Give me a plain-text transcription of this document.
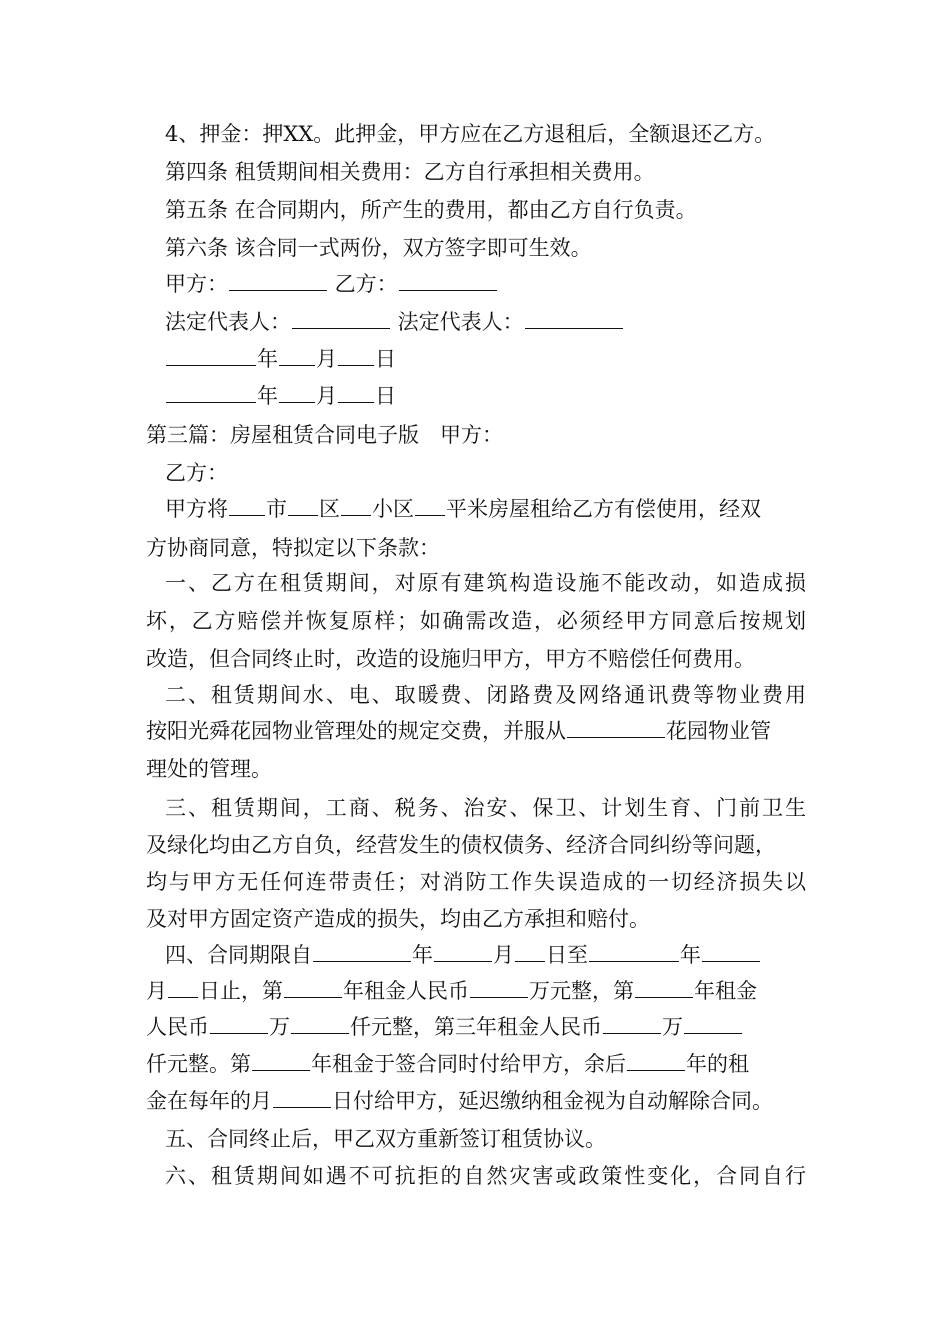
4、押金：押XX。此押金，甲方应在乙方退租后，全额退还乙方。
第四条 租赁期间相关费用：乙方自行承担相关费用。
第五条 在合同期内，所产生的费用，都由乙方自行负责。
第六条 该合同一式两份，双方签字即可生效。
甲方：	乙方：
法定代表人：	法定代表人：
年 月 日
年 月 日
第三篇：房屋租赁合同电子版　甲方：
乙方：
甲方将 市 区 小区 平米房屋租给乙方有偿使用，经双
方协商同意，特拟定以下条款：
一、乙方在租赁期间，对原有建筑构造设施不能改动，如造成损
坏，乙方赔偿并恢复原样；如确需改造，必须经甲方同意后按规划
改造，但合同终止时，改造的设施归甲方，甲方不赔偿任何费用。
二、租赁期间水、电、取暖费、闭路费及网络通讯费等物业费用
按阳光舜花园物业管理处的规定交费，并服从	花园物业管
理处的管理。
三、租赁期间，工商、税务、治安、保卫、计划生育、门前卫生
及绿化均由乙方自负，经营发生的债权债务、经济合同纠纷等问题，
均与甲方无任何连带责任；对消防工作失误造成的一切经济损失以
及对甲方固定资产造成的损失，均由乙方承担和赔付。
四、合同期限自	年	月 日至	年
月 日止，第	年租金人民币	万元整，第	年租金
人民币	万	仟元整，第三年租金人民币	万
仟元整。第	年租金于签合同时付给甲方，余后	年的租
金在每年的月	日付给甲方，延迟缴纳租金视为自动解除合同。
五、合同终止后，甲乙双方重新签订租赁协议。
六、租赁期间如遇不可抗拒的自然灾害或政策性变化，合同自行
